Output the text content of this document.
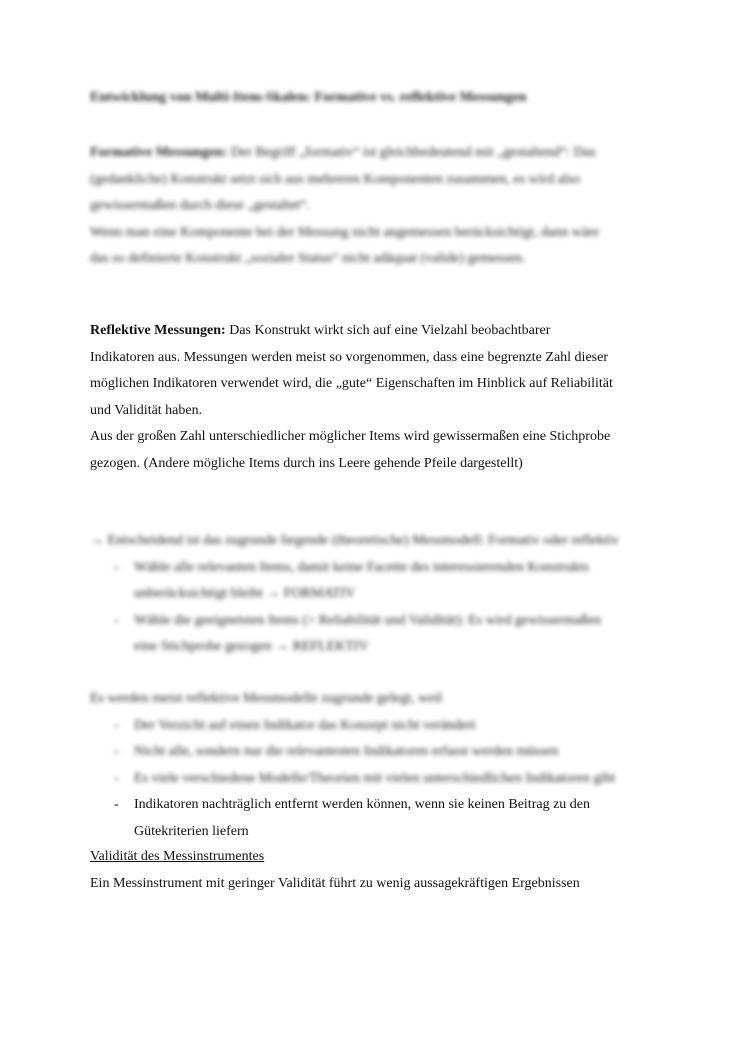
Entwicklung von Multi-Item-Skalen: Formative vs. reflektive Messungen
Formative Messungen: Der Begriff „formativ“ ist gleichbedeutend mit „gestaltend“: Das
(gedankliche) Konstrukt setzt sich aus mehreren Komponenten zusammen, es wird also
gewissermaßen durch diese „gestaltet“.
Wenn man eine Komponente bei der Messung nicht angemessen berücksichtigt, dann wäre
das so definierte Konstrukt „sozialer Status“ nicht adäquat (valide) gemessen.
Reflektive Messungen: Das Konstrukt wirkt sich auf eine Vielzahl beobachtbarer
Indikatoren aus. Messungen werden meist so vorgenommen, dass eine begrenzte Zahl dieser
möglichen Indikatoren verwendet wird, die „gute“ Eigenschaften im Hinblick auf Reliabilität
und Validität haben.
Aus der großen Zahl unterschiedlicher möglicher Items wird gewissermaßen eine Stichprobe
gezogen. (Andere mögliche Items durch ins Leere gehende Pfeile dargestellt)
→ Entscheidend ist das zugrunde liegende (theoretische) Messmodell: Formativ oder reflektiv
- Wähle alle relevanten Items, damit keine Facette des interessierenden Konstrukts
unberücksichtigt bleibt → FORMATIV
- Wähle die geeignetsten Items (> Reliabilität und Validität): Es wird gewissermaßen
eine Stichprobe gezogen → REFLEKTIV
Es werden meist reflektive Messmodelle zugrunde gelegt, weil
- Der Verzicht auf einen Indikator das Konzept nicht verändert
- Nicht alle, sondern nur die relevantesten Indikatoren erfasst werden müssen
- Es viele verschiedene Modelle/Theorien mit vielen unterschiedlichen Indikatoren gibt
- Indikatoren nachträglich entfernt werden können, wenn sie keinen Beitrag zu den
Gütekriterien liefern
Validität des Messinstrumentes
Ein Messinstrument mit geringer Validität führt zu wenig aussagekräftigen Ergebnissen
